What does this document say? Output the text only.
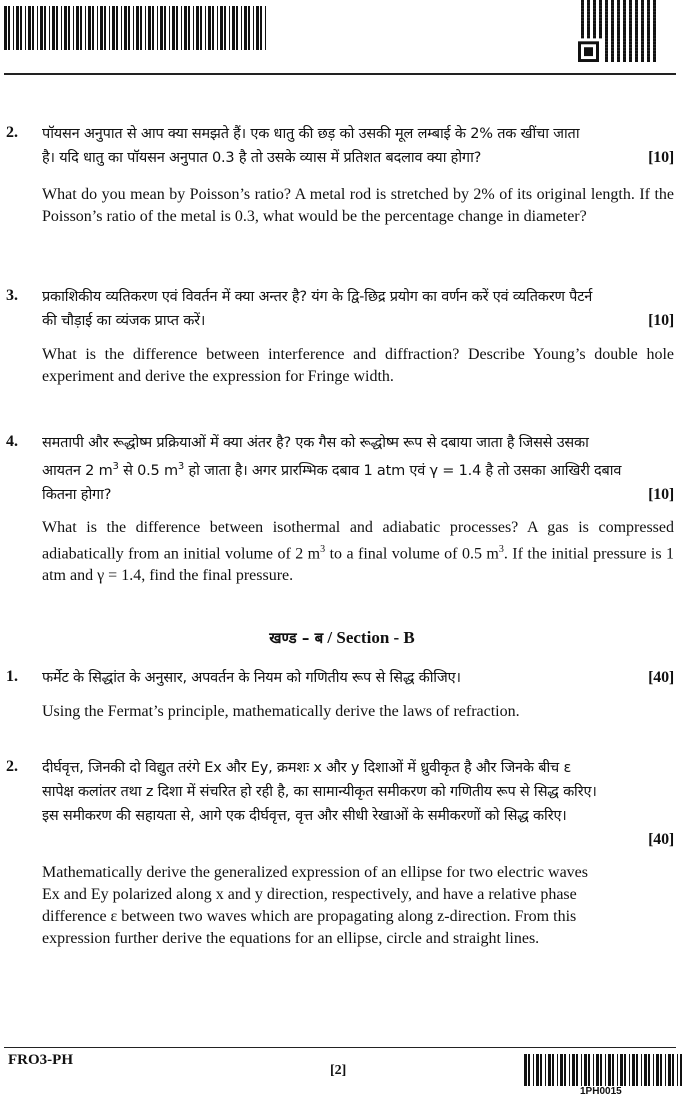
2. पॉयसन अनुपात से आप क्या समझते हैं। एक धातु की छड़ को उसकी मूल लम्बाई के 2% तक खींचा जाता
है। यदि धातु का पॉयसन अनुपात 0.3 है तो उसके व्यास में प्रतिशत बदलाव क्या होगा?	[10]
What do you mean by Poisson’s ratio? A metal rod is stretched by 2% of its original length. If the Poisson’s ratio of the metal is 0.3, what would be the percentage change in diameter?
3. प्रकाशिकीय व्यतिकरण एवं विवर्तन में क्या अन्तर है? यंग के द्वि-छिद्र प्रयोग का वर्णन करें एवं व्यतिकरण पैटर्न
की चौड़ाई का व्यंजक प्राप्त करें।	[10]
What is the difference between interference and diffraction? Describe Young’s double hole experiment and derive the expression for Fringe width.
4. समतापी और रूद्धोष्म प्रक्रियाओं में क्या अंतर है? एक गैस को रूद्धोष्म रूप से दबाया जाता है जिससे उसका
आयतन 2 $m^3$ से 0.5 $m^3$ हो जाता है। अगर प्रारम्भिक दबाव 1 atm एवं γ = 1.4 है तो उसका आखिरी दबाव
कितना होगा?	[10]
What is the difference between isothermal and adiabatic processes? A gas is compressed adiabatically from an initial volume of 2 $m^3$ to a final volume of 0.5 $m^3$. If the initial pressure is 1 atm and γ = 1.4, find the final pressure.
खण्ड – ब / Section - B
1. फर्मेट के सिद्धांत के अनुसार, अपवर्तन के नियम को गणितीय रूप से सिद्ध कीजिए।	[40]
Using the Fermat’s principle, mathematically derive the laws of refraction.
2. दीर्घवृत्त, जिनकी दो विद्युत तरंगे Ex और Ey, क्रमशः x और y दिशाओं में ध्रुवीकृत है और जिनके बीच ε
सापेक्ष कलांतर तथा z दिशा में संचरित हो रही है, का सामान्यीकृत समीकरण को गणितीय रूप से सिद्ध करिए।
इस समीकरण की सहायता से, आगे एक दीर्घवृत्त, वृत्त और सीधी रेखाओं के समीकरणों को सिद्ध करिए।
[40]
Mathematically derive the generalized expression of an ellipse for two electric waves
Ex and Ey polarized along x and y direction, respectively, and have a relative phase
difference ε between two waves which are propagating along z-direction. From this
expression further derive the equations for an ellipse, circle and straight lines.
FRO3-PH
[2]
1PH0015
